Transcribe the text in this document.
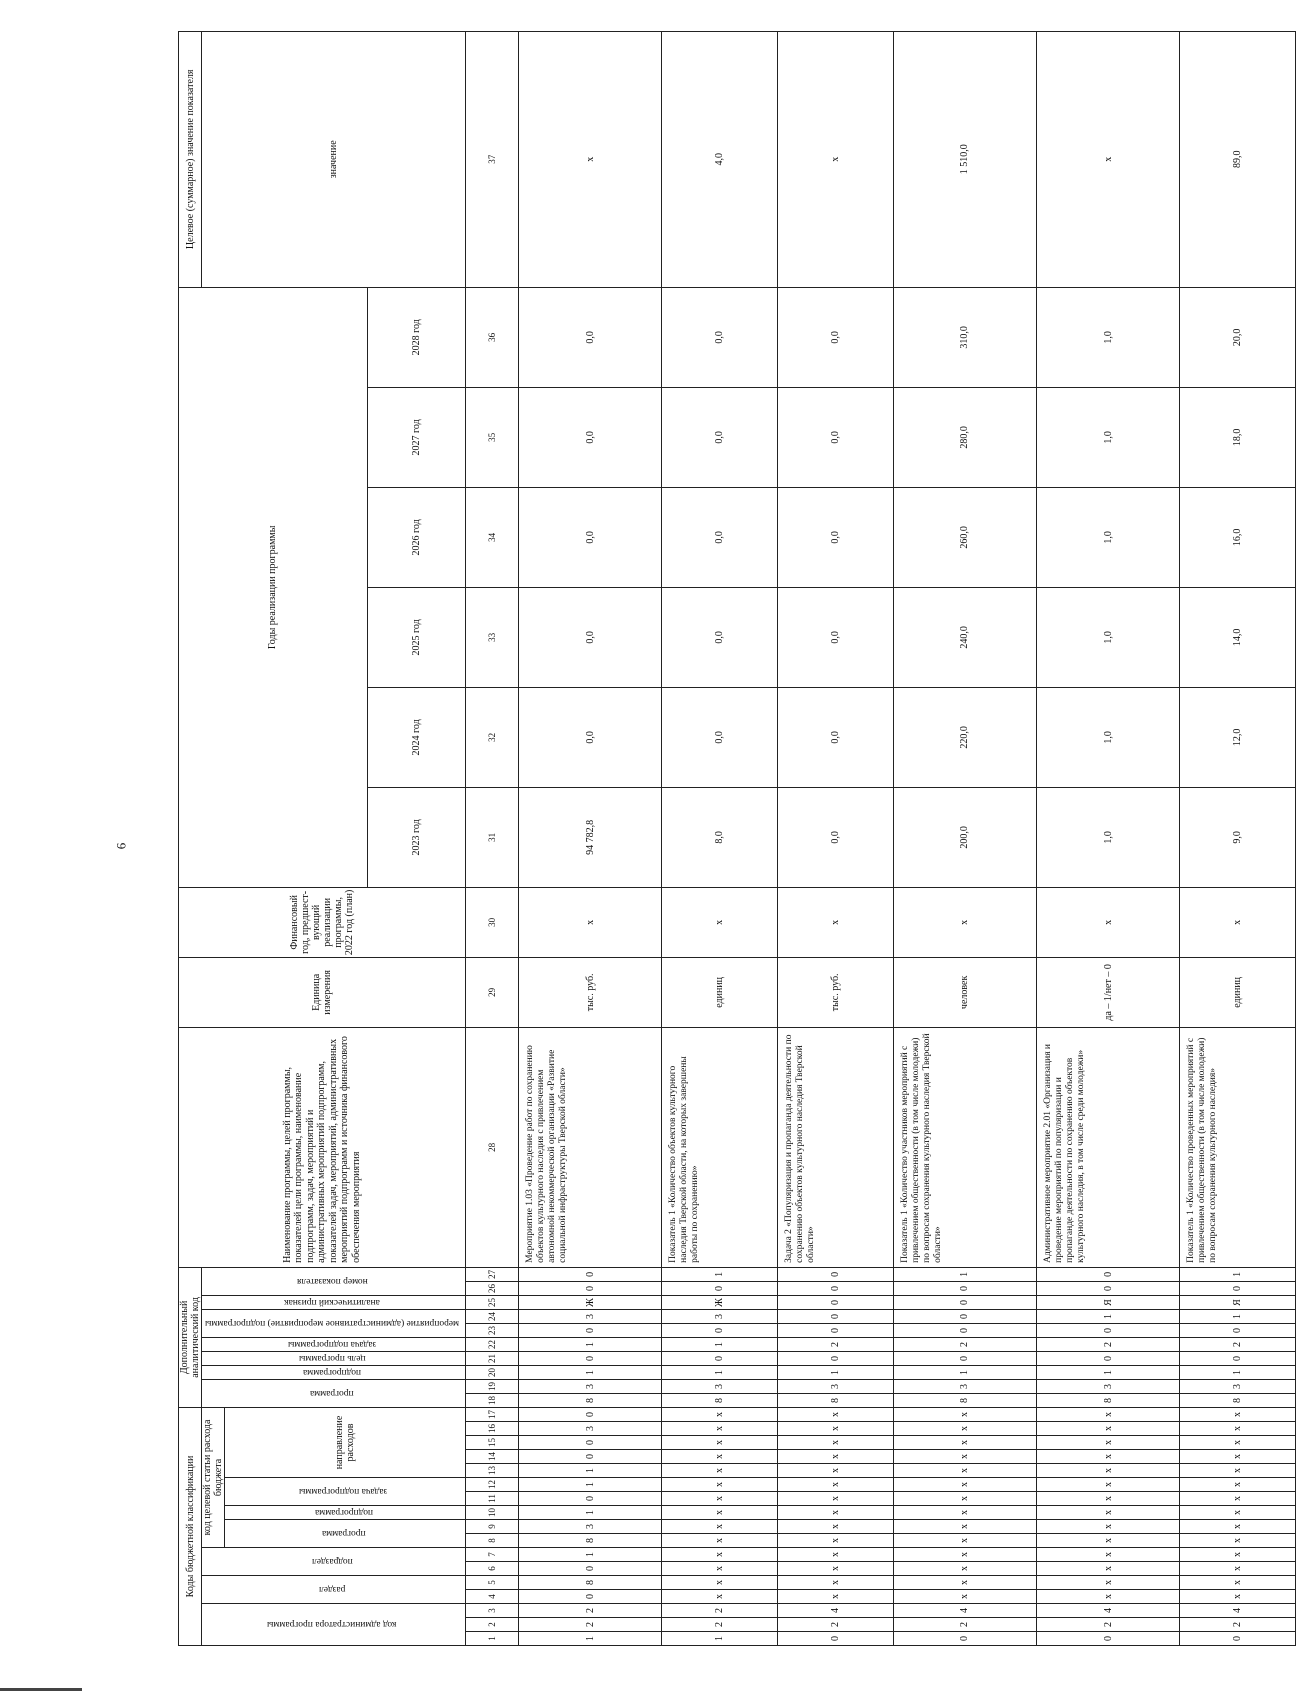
6
Коды бюджетной классификации																	Дополнительный аналитический код										Наименование программы, целей программы, показателей цели программы, наименование подпрограмм, задач, мероприятий и административных мероприятий подпрограмм, показателей задач, мероприятий, административных мероприятий подпрограмм и источника финансового обеспечения мероприятия	Единица измерения	Финансовый год, предшест-вующий реализации программы, 2022 год (план)	Годы реализации программы						Целевое (суммарное) значение показателя
код администратора программы			раздел		подраздел		код целевой статьи расхода бюджета										программа		подпрограмма	цель программы	задача подпрограммы	мероприятие (административное мероприятие) подпрограммы		аналитический признак	номер показателя											значение
							программа		подпрограмма	задача подпрограммы		направление расходов																								
																														2023 год	2024 год	2025 год	2026 год	2027 год	2028 год	
1	2	3	4	5	6	7	8	9	10	11	12	13	14	15	16	17	18	19	20	21	22	23	24	25	26	27	28	29	30	31	32	33	34	35	36	37
1	2	2	0	8	0	1	8	3	1	0	1	1	0	0	3	0	8	3	1	0	1	0	3	Ж	0	0	Мероприятие 1.03 «Проведение работ по сохранению объектов культурного наследия с привлечением автономной некоммерческой организации «Развитие социальной инфраструктуры Тверской области»	тыс. руб.	x	94 782,8	0,0	0,0	0,0	0,0	0,0	x
1	2	2	x	x	x	x	x	x	x	x	x	x	x	x	x	x	8	3	1	0	1	0	3	Ж	0	1	Показатель 1 «Количество объектов культурного наследия Тверской области, на которых завершены работы по сохранению»	единиц	x	8,0	0,0	0,0	0,0	0,0	0,0	4,0
0	2	4	x	x	x	x	x	x	x	x	x	x	x	x	x	x	8	3	1	0	2	0	0	0	0	0	Задача 2 «Популяризация и пропаганда деятельности по сохранению объектов культурного наследия Тверской области»	тыс. руб.	x	0,0	0,0	0,0	0,0	0,0	0,0	x
0	2	4	x	x	x	x	x	x	x	x	x	x	x	x	x	x	8	3	1	0	2	0	0	0	0	1	Показатель 1 «Количество участников мероприятий с привлечением общественности (в том числе молодежи) по вопросам сохранения культурного наследия Тверской области»	человек	x	200,0	220,0	240,0	260,0	280,0	310,0	1 510,0
0	2	4	x	x	x	x	x	x	x	x	x	x	x	x	x	x	8	3	1	0	2	0	1	Я	0	0	Административное мероприятие 2.01 «Организация и проведение мероприятий по популяризации и пропаганде деятельности по сохранению объектов культурного наследия, в том числе среди молодежи»	да – 1/нет – 0	x	1,0	1,0	1,0	1,0	1,0	1,0	x
0	2	4	x	x	x	x	x	x	x	x	x	x	x	x	x	x	8	3	1	0	2	0	1	Я	0	1	Показатель 1 «Количество проведенных мероприятий с привлечением общественности (в том числе молодежи) по вопросам сохранения культурного наследия»	единиц	x	9,0	12,0	14,0	16,0	18,0	20,0	89,0
